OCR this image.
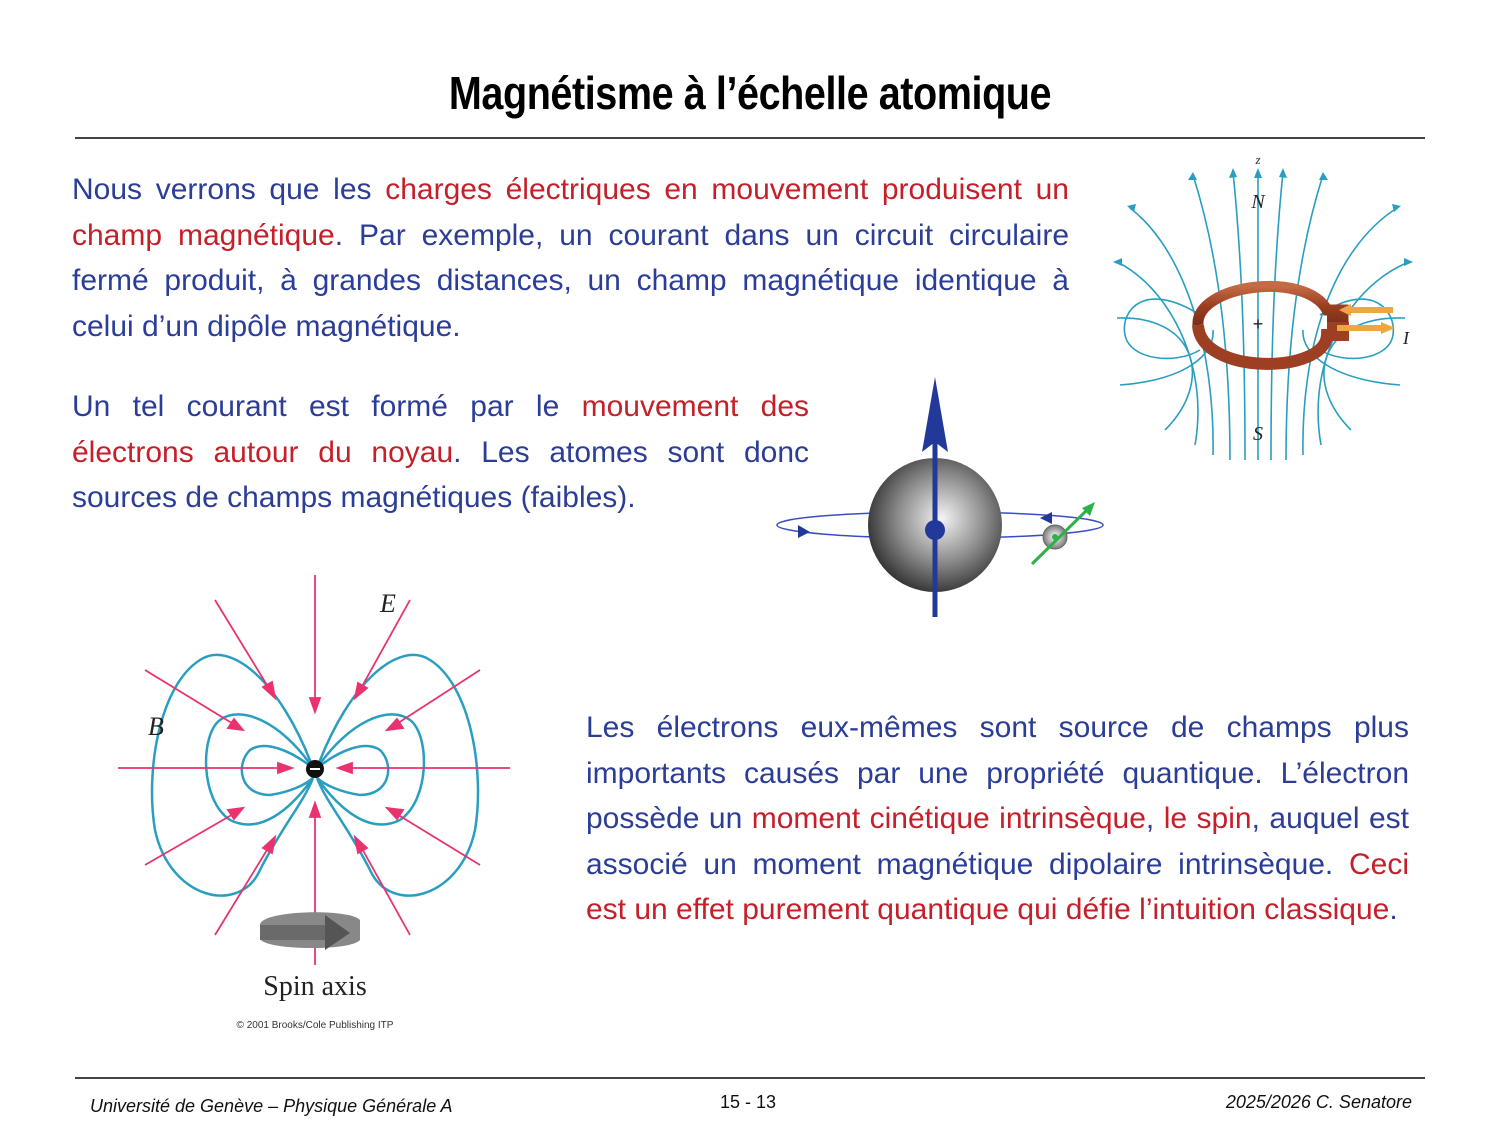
Magnétisme à l’échelle atomique
Nous verrons que les charges électriques en mouvement produisent un champ magnétique. Par exemple, un courant dans un circuit circulaire fermé produit, à grandes distances, un champ magnétique identique à celui d’un dipôle magnétique.
Un tel courant est formé par le mouvement des électrons autour du noyau. Les atomes sont donc sources de champs magnétiques (faibles).
Les électrons eux-mêmes sont source de champs plus importants causés par une propriété quantique. L’électron possède un moment cinétique intrinsèque, le spin, auquel est associé un moment magnétique dipolaire intrinsèque. Ceci est un effet purement quantique qui défie l’intuition classique.
z
N
S
+
I
B
E
Spin axis
© 2001 Brooks/Cole Publishing ITP
Université de Genève – Physique Générale A	15 - 13	2025/2026 C. Senatore
